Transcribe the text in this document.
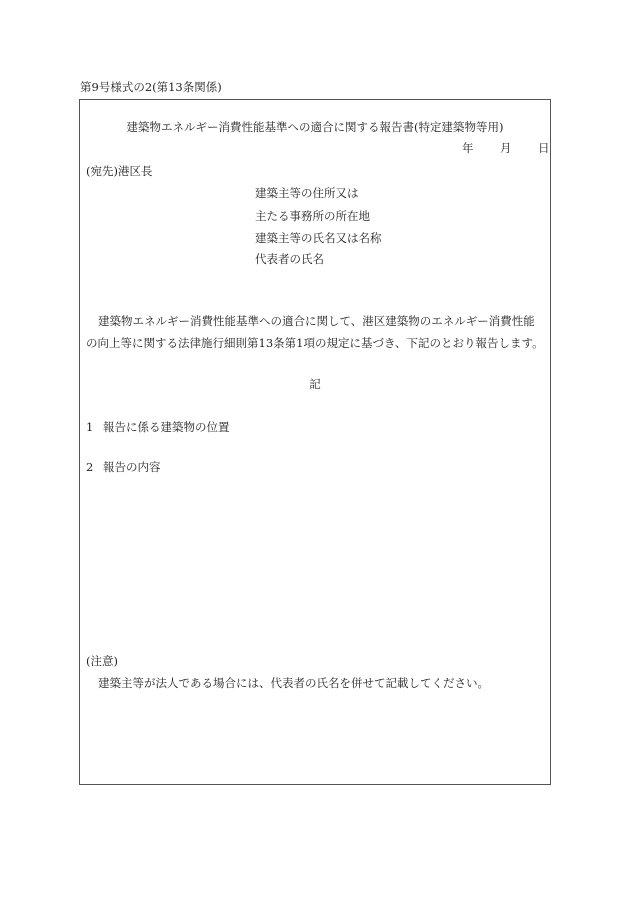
第9号様式の2(第13条関係)
建築物エネルギー消費性能基準への適合に関する報告書(特定建築物等用)
年 月 日
(宛先)港区長
建築主等の住所又は
主たる事務所の所在地
建築主等の氏名又は名称
代表者の氏名
建築物エネルギー消費性能基準への適合に関して、港区建築物のエネルギー消費性能
の向上等に関する法律施行細則第13条第1項の規定に基づき、下記のとおり報告します。
記
1 報告に係る建築物の位置
2 報告の内容
(注意)
建築主等が法人である場合には、代表者の氏名を併せて記載してください。
